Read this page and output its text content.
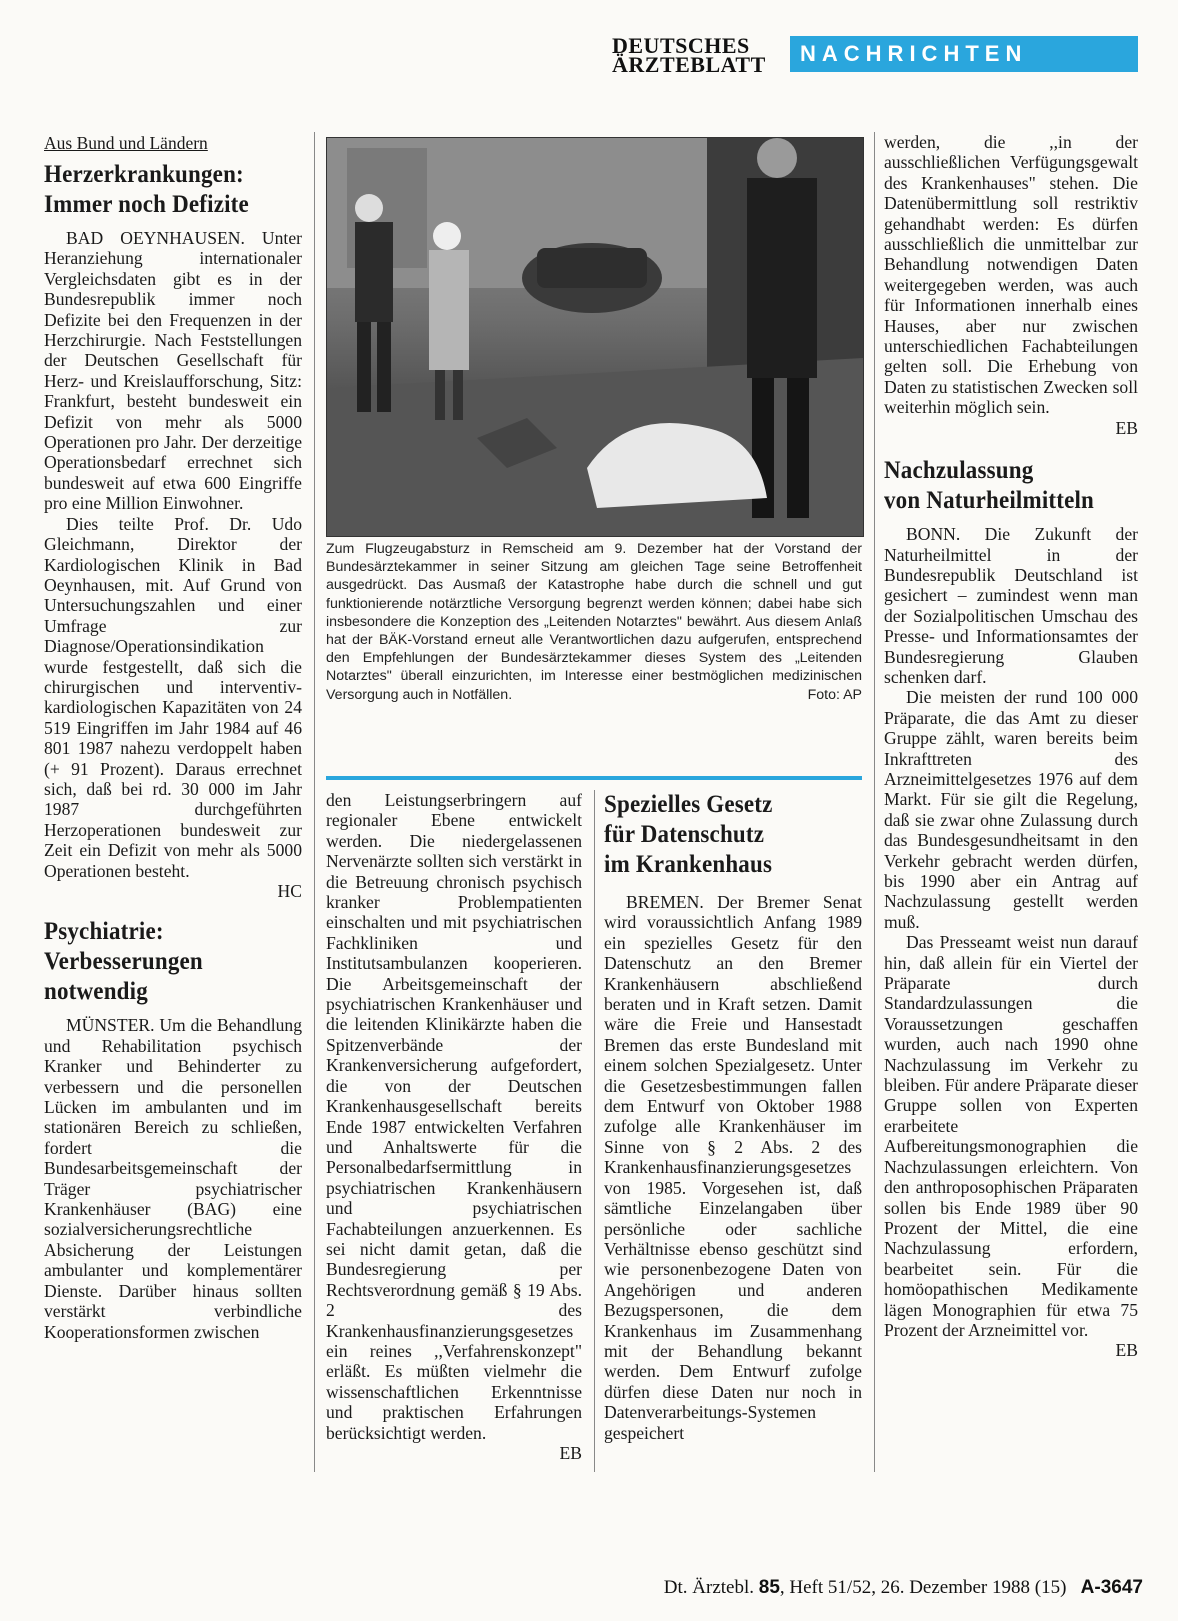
DEUTSCHES
ÄRZTEBLATT	NACHRICHTEN
Aus Bund und Ländern
Herzerkrankungen:
Immer noch Defizite

BAD OEYNHAUSEN. Unter Heranziehung internationaler Vergleichsdaten gibt es in der Bundesrepublik immer noch Defizite bei den Frequenzen in der Herzchirurgie. Nach Feststellungen der Deutschen Gesellschaft für Herz- und Kreislaufforschung, Sitz: Frankfurt, besteht bundesweit ein Defizit von mehr als 5000 Operationen pro Jahr. Der derzeitige Operationsbedarf errechnet sich bundesweit auf etwa 600 Eingriffe pro eine Million Einwohner.

Dies teilte Prof. Dr. Udo Gleichmann, Direktor der Kardiologischen Klinik in Bad Oeynhausen, mit. Auf Grund von Untersuchungszahlen und einer Umfrage zur Diagnose/Operationsindikation wurde festgestellt, daß sich die chirurgischen und interventiv-kardiologischen Kapazitäten von 24 519 Eingriffen im Jahr 1984 auf 46 801 1987 nahezu verdoppelt haben (+ 91 Prozent). Daraus errechnet sich, daß bei rd. 30 000 im Jahr 1987 durchgeführten Herzoperationen bundesweit zur Zeit ein Defizit von mehr als 5000 Operationen besteht.

HC
Psychiatrie:
Verbesserungen
notwendig

MÜNSTER. Um die Behandlung und Rehabilitation psychisch Kranker und Behinderter zu verbessern und die personellen Lücken im ambulanten und im stationären Bereich zu schließen, fordert die Bundesarbeitsgemeinschaft der Träger psychiatrischer Krankenhäuser (BAG) eine sozialversicherungsrechtliche Absicherung der Leistungen ambulanter und komplementärer Dienste. Darüber hinaus sollten verstärkt verbindliche Kooperationsformen zwischen

Zum Flugzeugabsturz in Remscheid am 9. Dezember hat der Vorstand der Bundesärztekammer in seiner Sitzung am gleichen Tage seine Betroffenheit ausgedrückt. Das Ausmaß der Katastrophe habe durch die schnell und gut funktionierende notärztliche Versorgung begrenzt werden können; dabei habe sich insbesondere die Konzeption des „Leitenden Notarztes" bewährt. Aus diesem Anlaß hat der BÄK-Vorstand erneut alle Verantwortlichen dazu aufgerufen, entsprechend den Empfehlungen der Bundesärztekammer dieses System des „Leitenden Notarztes" überall einzurichten, im Interesse einer bestmöglichen medizinischen Versorgung auch in Notfällen.	Foto: AP

den Leistungserbringern auf regionaler Ebene entwickelt werden. Die niedergelassenen Nervenärzte sollten sich verstärkt in die Betreuung chronisch psychisch kranker Problempatienten einschalten und mit psychiatrischen Fachkliniken und Institutsambulanzen kooperieren. Die Arbeitsgemeinschaft der psychiatrischen Krankenhäuser und die leitenden Klinikärzte haben die Spitzenverbände der Krankenversicherung aufgefordert, die von der Deutschen Krankenhausgesellschaft bereits Ende 1987 entwickelten Verfahren und Anhaltswerte für die Personalbedarfsermittlung in psychiatrischen Krankenhäusern und psychiatrischen Fachabteilungen anzuerkennen. Es sei nicht damit getan, daß die Bundesregierung per Rechtsverordnung gemäß § 19 Abs. 2 des Krankenhausfinanzierungsgesetzes ein reines ,,Verfahrenskonzept" erläßt. Es müßten vielmehr die wissenschaftlichen Erkenntnisse und praktischen Erfahrungen berücksichtigt werden.

EB
Spezielles Gesetz
für Datenschutz
im Krankenhaus

BREMEN. Der Bremer Senat wird voraussichtlich Anfang 1989 ein spezielles Gesetz für den Datenschutz an den Bremer Krankenhäusern abschließend beraten und in Kraft setzen. Damit wäre die Freie und Hansestadt Bremen das erste Bundesland mit einem solchen Spezialgesetz. Unter die Gesetzesbestimmungen fallen dem Entwurf von Oktober 1988 zufolge alle Krankenhäuser im Sinne von § 2 Abs. 2 des Krankenhausfinanzierungsgesetzes von 1985. Vorgesehen ist, daß sämtliche Einzelangaben über persönliche oder sachliche Verhältnisse ebenso geschützt sind wie personenbezogene Daten von Angehörigen und anderen Bezugspersonen, die dem Krankenhaus im Zusammenhang mit der Behandlung bekannt werden. Dem Entwurf zufolge dürfen diese Daten nur noch in Datenverarbeitungs-Systemen gespeichert

werden, die ,,in der ausschließlichen Verfügungsgewalt des Krankenhauses" stehen. Die Datenübermittlung soll restriktiv gehandhabt werden: Es dürfen ausschließlich die unmittelbar zur Behandlung notwendigen Daten weitergegeben werden, was auch für Informationen innerhalb eines Hauses, aber nur zwischen unterschiedlichen Fachabteilungen gelten soll. Die Erhebung von Daten zu statistischen Zwecken soll weiterhin möglich sein.

EB
Nachzulassung
von Naturheilmitteln

BONN. Die Zukunft der Naturheilmittel in der Bundesrepublik Deutschland ist gesichert – zumindest wenn man der Sozialpolitischen Umschau des Presse- und Informationsamtes der Bundesregierung Glauben schenken darf.

Die meisten der rund 100 000 Präparate, die das Amt zu dieser Gruppe zählt, waren bereits beim Inkrafttreten des Arzneimittelgesetzes 1976 auf dem Markt. Für sie gilt die Regelung, daß sie zwar ohne Zulassung durch das Bundesgesundheitsamt in den Verkehr gebracht werden dürfen, bis 1990 aber ein Antrag auf Nachzulassung gestellt werden muß.

Das Presseamt weist nun darauf hin, daß allein für ein Viertel der Präparate durch Standardzulassungen die Voraussetzungen geschaffen wurden, auch nach 1990 ohne Nachzulassung im Verkehr zu bleiben. Für andere Präparate dieser Gruppe sollen von Experten erarbeitete Aufbereitungsmonographien die Nachzulassungen erleichtern. Von den anthroposophischen Präparaten sollen bis Ende 1989 über 90 Prozent der Mittel, die eine Nachzulassung erfordern, bearbeitet sein. Für die homöopathischen Medikamente lägen Monographien für etwa 75 Prozent der Arzneimittel vor.

EB
Dt. Ärztebl. 85, Heft 51/52, 26. Dezember 1988 (15) A-3647
